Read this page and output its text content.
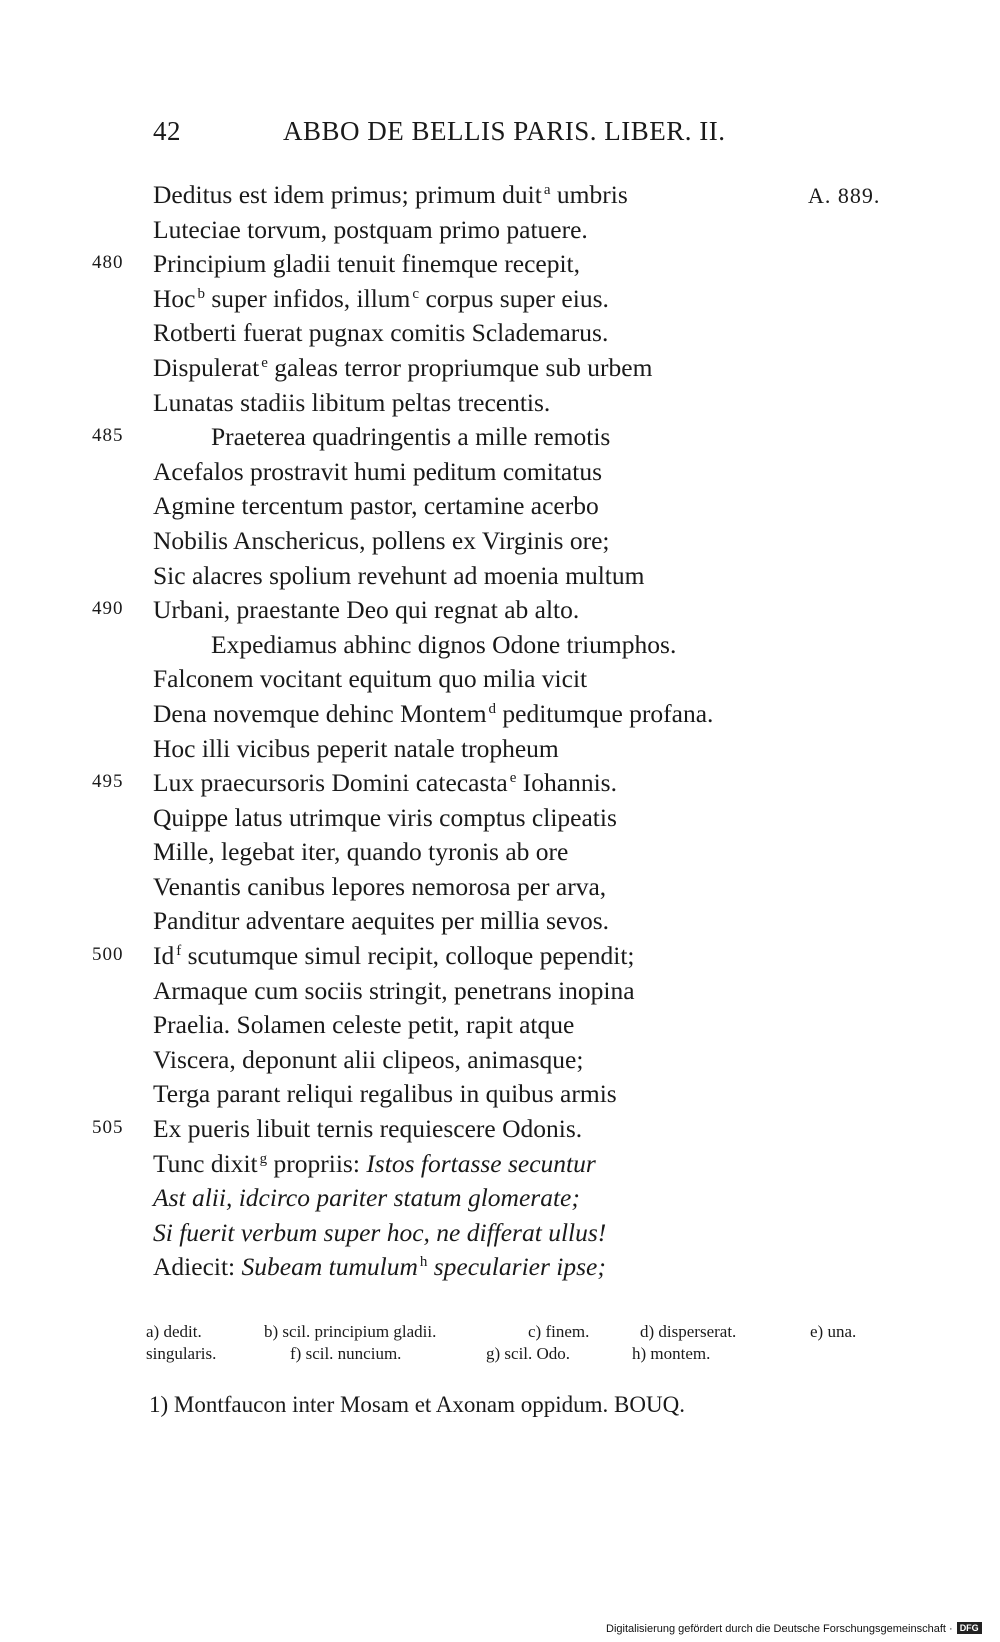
42	ABBO DE BELLIS PARIS. LIBER. II.
Deditus est idem primus; primum duit $^a$ umbris	A. 889.
Luteciae torvum, postquam primo patuere.
480 Principium gladii tenuit finemque recepit,
Hoc $^b$ super infidos, illum $^c$ corpus super eius.
Rotberti fuerat pugnax comitis Sclademarus.
Dispulerat $^e$ galeas terror propriumque sub urbem
Lunatas stadiis libitum peltas trecentis.
485	Praeterea quadringentis a mille remotis
Acefalos prostravit humi peditum comitatus
Agmine tercentum pastor, certamine acerbo
Nobilis Anschericus, pollens ex Virginis ore;
Sic alacres spolium revehunt ad moenia multum
490 Urbani, praestante Deo qui regnat ab alto.
Expediamus abhinc dignos Odone triumphos.
Falconem vocitant equitum quo milia vicit
Dena novemque dehinc Montem $^d$ peditumque profana.
Hoc illi vicibus peperit natale tropheum
495 Lux praecursoris Domini catecasta $^e$ Iohannis.
Quippe latus utrimque viris comptus clipeatis
Mille, legebat iter, quando tyronis ab ore
Venantis canibus lepores nemorosa per arva,
Panditur adventare aequites per millia sevos.
500 Id $^f$ scutumque simul recipit, colloque pependit;
Armaque cum sociis stringit, penetrans inopina
Praelia. Solamen celeste petit, rapit atque
Viscera, deponunt alii clipeos, animasque;
Terga parant reliqui regalibus in quibus armis
505 Ex pueris libuit ternis requiescere Odonis.
Tunc dixit $^g$ propriis: Istos fortasse secuntur
Ast alii, idcirco pariter statum glomerate;
Si fuerit verbum super hoc, ne differat ullus!
Adiecit: Subeam tumulum $^h$ specularier ipse;
a) dedit.	b) scil. principium gladii.	c) finem.	d) disperserat.	e) una.
singularis.	f) scil. nuncium.	g) scil. Odo.	h) montem.
1) Montfaucon inter Mosam et Axonam oppidum. BOUQ.
Digitalisierung gefördert durch die Deutsche Forschungsgemeinschaft · DFG
